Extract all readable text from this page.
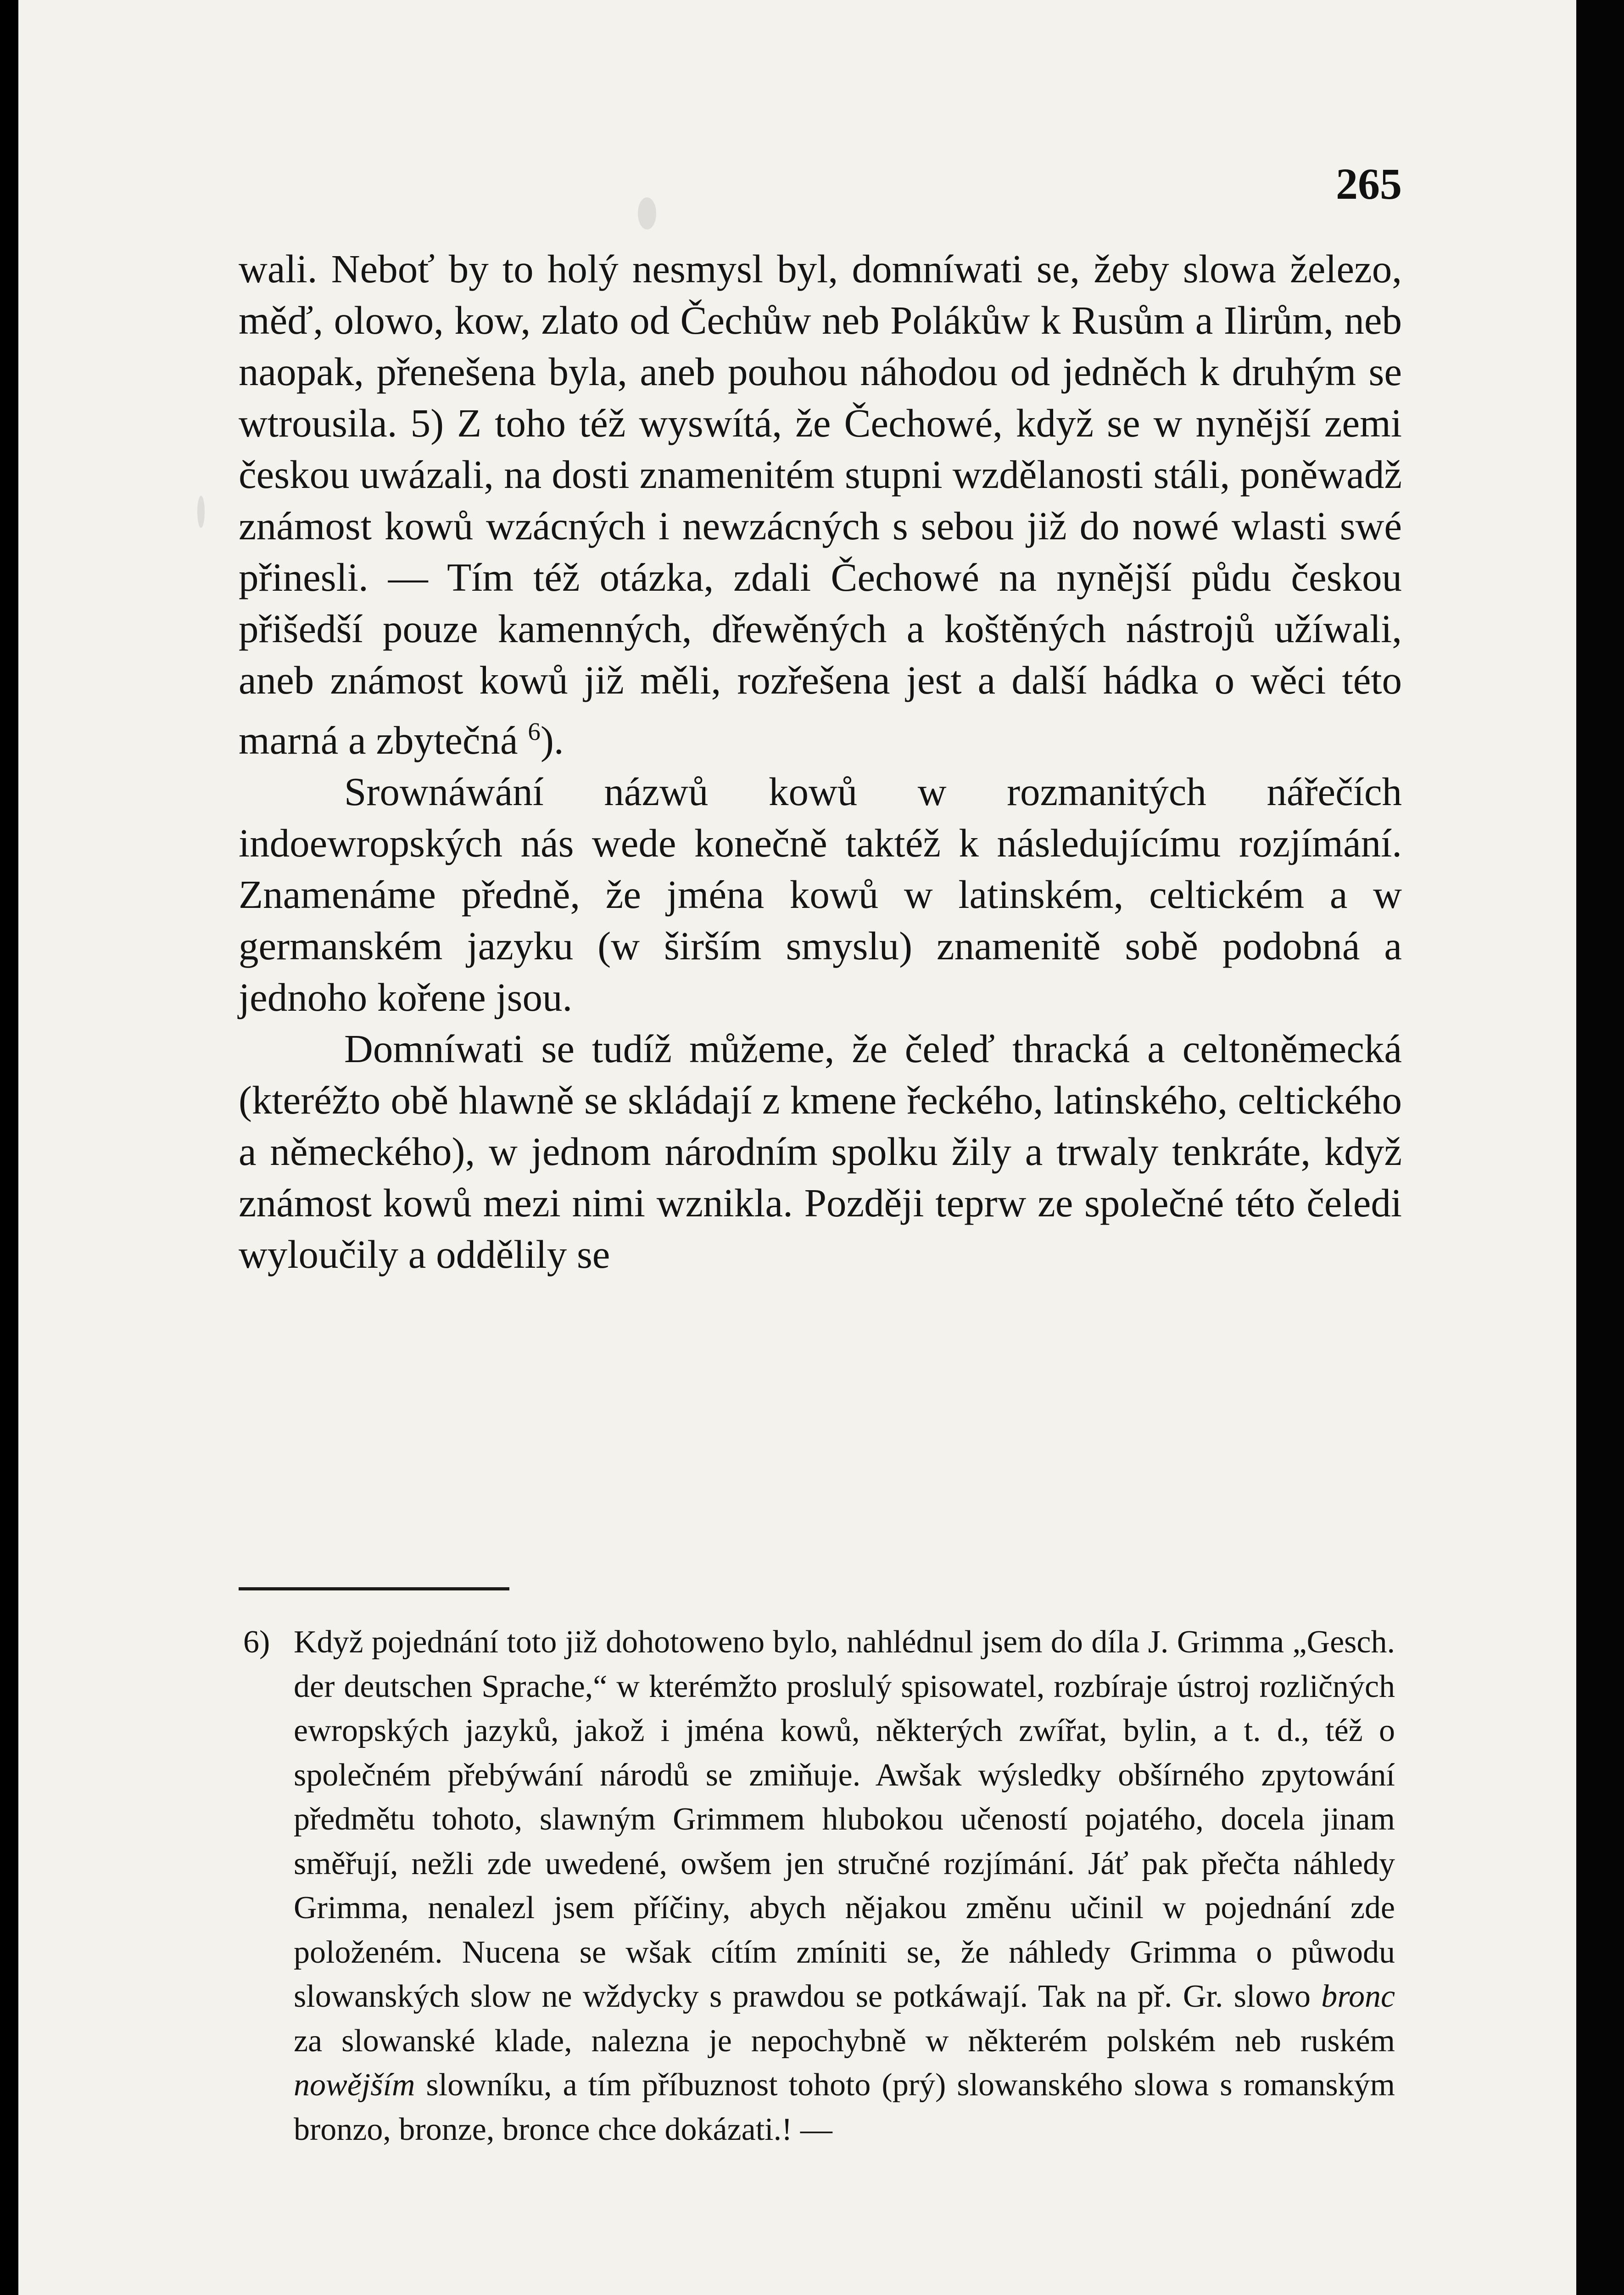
265

wali. Neboť by to holý nesmysl byl, domníwati se, žeby slowa železo, měď, olowo, kow, zlato od Čechůw neb Polákůw k Rusům a Ilirům, neb naopak, přenešena byla, aneb pouhou náhodou od jedněch k druhým se wtrousila. 5) Z toho též wyswítá, že Čechowé, když se w nynější zemi českou uwázali, na dosti znamenitém stupni wzdělanosti stáli, poněwadž známost kowů wzácných i newzácných s sebou již do nowé wlasti swé přinesli. — Tím též otázka, zdali Čechowé na nynější půdu českou přišedší pouze kamenných, dřewěných a koštěných nástrojů užíwali, aneb známost kowů již měli, rozřešena jest a další hádka o wěci této marná a zbytečná $^6$).

Srownáwání názwů kowů w rozmanitých nářečích indoewropských nás wede konečně taktéž k následujícímu rozjímání. Znamenáme předně, že jména kowů w latinském, celtickém a w germanském jazyku (w širším smyslu) znamenitě sobě podobná a jednoho kořene jsou.

Domníwati se tudíž můžeme, že čeleď thracká a celtoněmecká (kteréžto obě hlawně se skládají z kmene řeckého, latinského, celtického a německého), w jednom národním spolku žily a trwaly tenkráte, když známost kowů mezi nimi wznikla. Později teprw ze společné této čeledi wyloučily a oddělily se

6) Když pojednání toto již dohotoweno bylo, nahlédnul jsem do díla J. Grimma „Gesch. der deutschen Sprache,“ w kterémžto proslulý spisowatel, rozbíraje ústroj rozličných ewropských jazyků, jakož i jména kowů, některých zwířat, bylin, a t. d., též o společném přebýwání národů se zmiňuje. Awšak wýsledky obšírného zpytowání předmětu tohoto, slawným Grimmem hlubokou učeností pojatého, docela jinam směřují, nežli zde uwedené, owšem jen stručné rozjímání. Jáť pak přečta náhledy Grimma, nenalezl jsem příčiny, abych nějakou změnu učinil w pojednání zde položeném. Nucena se wšak cítím zmíniti se, že náhledy Grimma o půwodu slowanských slow ne wždycky s prawdou se potkáwají. Tak na př. Gr. slowo bronc za slowanské klade, nalezna je nepochybně w některém polském neb ruském nowějším slowníku, a tím příbuznost tohoto (prý) slowanského slowa s romanským bronzo, bronze, bronce chce dokázati.! —
